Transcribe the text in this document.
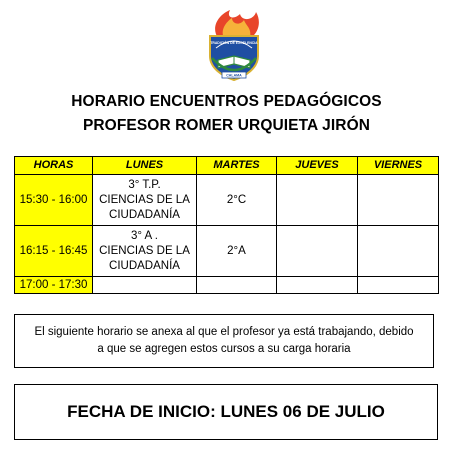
TRADICIÓN DE EXCELENCIA
CALAMA
HORARIO ENCUENTROS PEDAGÓGICOS
PROFESOR ROMER URQUIETA JIRÓN
HORAS	LUNES	MARTES	JUEVES	VIERNES
15:30 - 16:00	3° T.P.
CIENCIAS DE LA
CIUDADANÍA	2°C		
16:15 - 16:45	3° A .
CIENCIAS DE LA
CIUDADANÍA	2°A		
17:00 - 17:30				
El siguiente horario se anexa al que el profesor ya está trabajando, debido
a que se agregen estos cursos a su carga horaria
FECHA DE INICIO: LUNES 06 DE JULIO
